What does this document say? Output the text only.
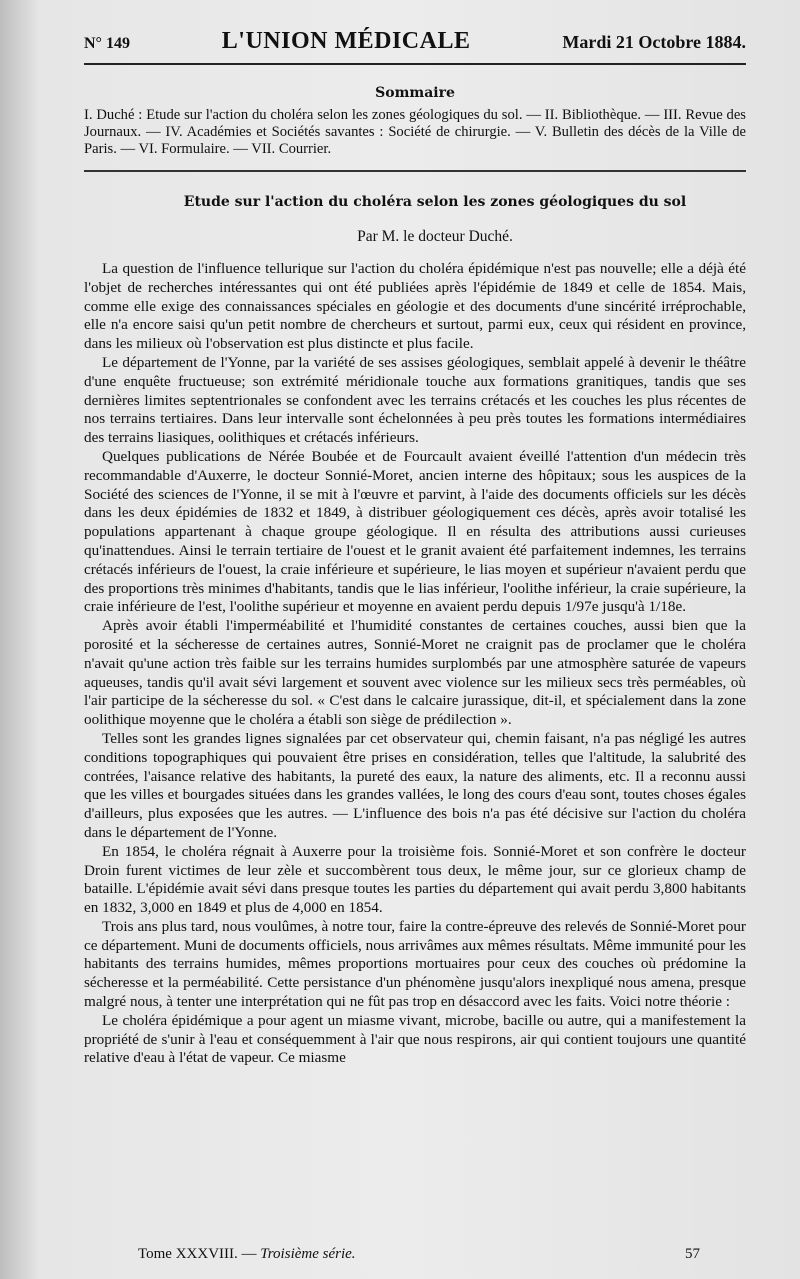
N° 149	L'UNION MÉDICALE	Mardi 21 Octobre 1884.
Sommaire
I. Duché : Etude sur l'action du choléra selon les zones géologiques du sol. — II. Bibliothèque. — III. Revue des Journaux. — IV. Académies et Sociétés savantes : Société de chirurgie. — V. Bulletin des décès de la Ville de Paris. — VI. Formulaire. — VII. Courrier.
Etude sur l'action du choléra selon les zones géologiques du sol
Par M. le docteur Duché.

La question de l'influence tellurique sur l'action du choléra épidémique n'est pas nouvelle; elle a déjà été l'objet de recherches intéressantes qui ont été publiées après l'épidémie de 1849 et celle de 1854. Mais, comme elle exige des connaissances spéciales en géologie et des documents d'une sincérité irréprochable, elle n'a encore saisi qu'un petit nombre de chercheurs et surtout, parmi eux, ceux qui résident en province, dans les milieux où l'observation est plus distincte et plus facile.

Le département de l'Yonne, par la variété de ses assises géologiques, semblait appelé à devenir le théâtre d'une enquête fructueuse; son extrémité méridionale touche aux formations granitiques, tandis que ses dernières limites septentrionales se confondent avec les terrains crétacés et les couches les plus récentes de nos terrains tertiaires. Dans leur intervalle sont échelonnées à peu près toutes les formations intermédiaires des terrains liasiques, oolithiques et crétacés inférieurs.

Quelques publications de Nérée Boubée et de Fourcault avaient éveillé l'attention d'un médecin très recommandable d'Auxerre, le docteur Sonnié-Moret, ancien interne des hôpitaux; sous les auspices de la Société des sciences de l'Yonne, il se mit à l'œuvre et parvint, à l'aide des documents officiels sur les décès dans les deux épidémies de 1832 et 1849, à distribuer géologiquement ces décès, après avoir totalisé les populations appartenant à chaque groupe géologique. Il en résulta des attributions aussi curieuses qu'inattendues. Ainsi le terrain tertiaire de l'ouest et le granit avaient été parfaitement indemnes, les terrains crétacés inférieurs de l'ouest, la craie inférieure et supérieure, le lias moyen et supérieur n'avaient perdu que des proportions très minimes d'habitants, tandis que le lias inférieur, l'oolithe inférieur, la craie supérieure, la craie inférieure de l'est, l'oolithe supérieur et moyenne en avaient perdu depuis 1/97e jusqu'à 1/18e.

Après avoir établi l'imperméabilité et l'humidité constantes de certaines couches, aussi bien que la porosité et la sécheresse de certaines autres, Sonnié-Moret ne craignit pas de proclamer que le choléra n'avait qu'une action très faible sur les terrains humides surplombés par une atmosphère saturée de vapeurs aqueuses, tandis qu'il avait sévi largement et souvent avec violence sur les milieux secs très perméables, où l'air participe de la sécheresse du sol. « C'est dans le calcaire jurassique, dit-il, et spécialement dans la zone oolithique moyenne que le choléra a établi son siège de prédilection ».

Telles sont les grandes lignes signalées par cet observateur qui, chemin faisant, n'a pas négligé les autres conditions topographiques qui pouvaient être prises en considération, telles que l'altitude, la salubrité des contrées, l'aisance relative des habitants, la pureté des eaux, la nature des aliments, etc. Il a reconnu aussi que les villes et bourgades situées dans les grandes vallées, le long des cours d'eau sont, toutes choses égales d'ailleurs, plus exposées que les autres. — L'influence des bois n'a pas été décisive sur l'action du choléra dans le département de l'Yonne.

En 1854, le choléra régnait à Auxerre pour la troisième fois. Sonnié-Moret et son confrère le docteur Droin furent victimes de leur zèle et succombèrent tous deux, le même jour, sur ce glorieux champ de bataille. L'épidémie avait sévi dans presque toutes les parties du département qui avait perdu 3,800 habitants en 1832, 3,000 en 1849 et plus de 4,000 en 1854.

Trois ans plus tard, nous voulûmes, à notre tour, faire la contre-épreuve des relevés de Sonnié-Moret pour ce département. Muni de documents officiels, nous arrivâmes aux mêmes résultats. Même immunité pour les habitants des terrains humides, mêmes proportions mortuaires pour ceux des couches où prédomine la sécheresse et la perméabilité. Cette persistance d'un phénomène jusqu'alors inexpliqué nous amena, presque malgré nous, à tenter une interprétation qui ne fût pas trop en désaccord avec les faits. Voici notre théorie :

Le choléra épidémique a pour agent un miasme vivant, microbe, bacille ou autre, qui a manifestement la propriété de s'unir à l'eau et conséquemment à l'air que nous respirons, air qui contient toujours une quantité relative d'eau à l'état de vapeur. Ce miasme

Tome XXXVIII. — Troisième série.	57
